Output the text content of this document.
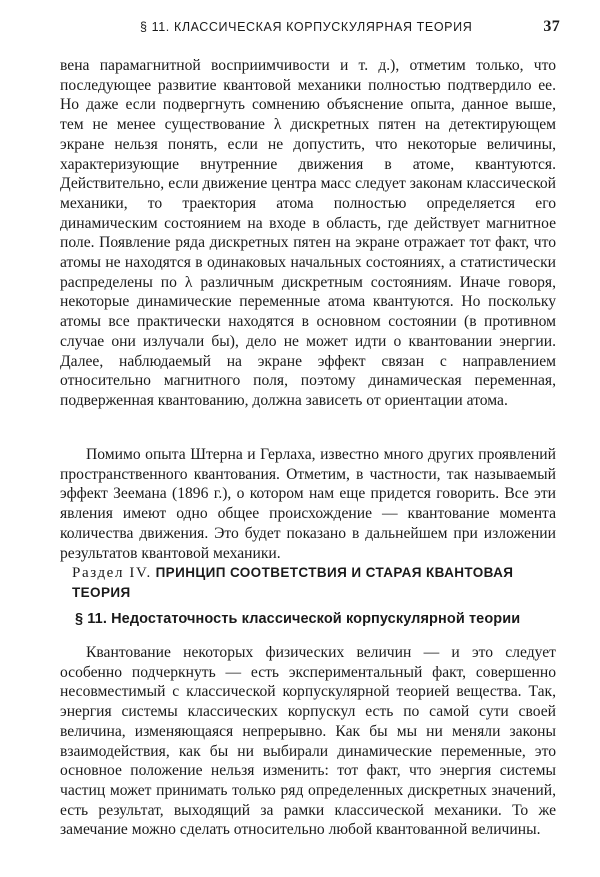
§ 11. КЛАССИЧЕСКАЯ КОРПУСКУЛЯРНАЯ ТЕОРИЯ	37

вена парамагнитной восприимчивости и т. д.), отметим только, что последующее развитие квантовой механики полностью подтвердило ее. Но даже если подвергнуть сомнению объяснение опыта, данное выше, тем не менее существование λ дискретных пятен на детектирующем экране нельзя понять, если не допустить, что некоторые величины, характеризующие внутренние движения в атоме, квантуются. Действительно, если движение центра масс следует законам классической механики, то траектория атома полностью определяется его динамическим состоянием на входе в область, где действует магнитное поле. Появление ряда дискретных пятен на экране отражает тот факт, что атомы не находятся в одинаковых начальных состояниях, а статистически распределены по λ различным дискретным состояниям. Иначе говоря, некоторые динамические переменные атома квантуются. Но поскольку атомы все практически находятся в основном состоянии (в противном случае они излучали бы), дело не может идти о квантовании энергии. Далее, наблюдаемый на экране эффект связан с направлением относительно магнитного поля, поэтому динамическая переменная, подверженная квантованию, должна зависеть от ориентации атома.

Помимо опыта Штерна и Герлаха, известно много других проявлений пространственного квантования. Отметим, в частности, так называемый эффект Зеемана (1896 г.), о котором нам еще придется говорить. Все эти явления имеют одно общее происхождение — квантование момента количества движения. Это будет показано в дальнейшем при изложении результатов квантовой механики.

Раздел IV. ПРИНЦИП СООТВЕТСТВИЯ И СТАРАЯ КВАНТОВАЯ ТЕОРИЯ
§ 11. Недостаточность классической корпускулярной теории

Квантование некоторых физических величин — и это следует особенно подчеркнуть — есть экспериментальный факт, совершенно несовместимый с классической корпускулярной теорией вещества. Так, энергия системы классических корпускул есть по самой сути своей величина, изменяющаяся непрерывно. Как бы мы ни меняли законы взаимодействия, как бы ни выбирали динамические переменные, это основное положение нельзя изменить: тот факт, что энергия системы частиц может принимать только ряд определенных дискретных значений, есть результат, выходящий за рамки классической механики. То же замечание можно сделать относительно любой квантованной величины.
